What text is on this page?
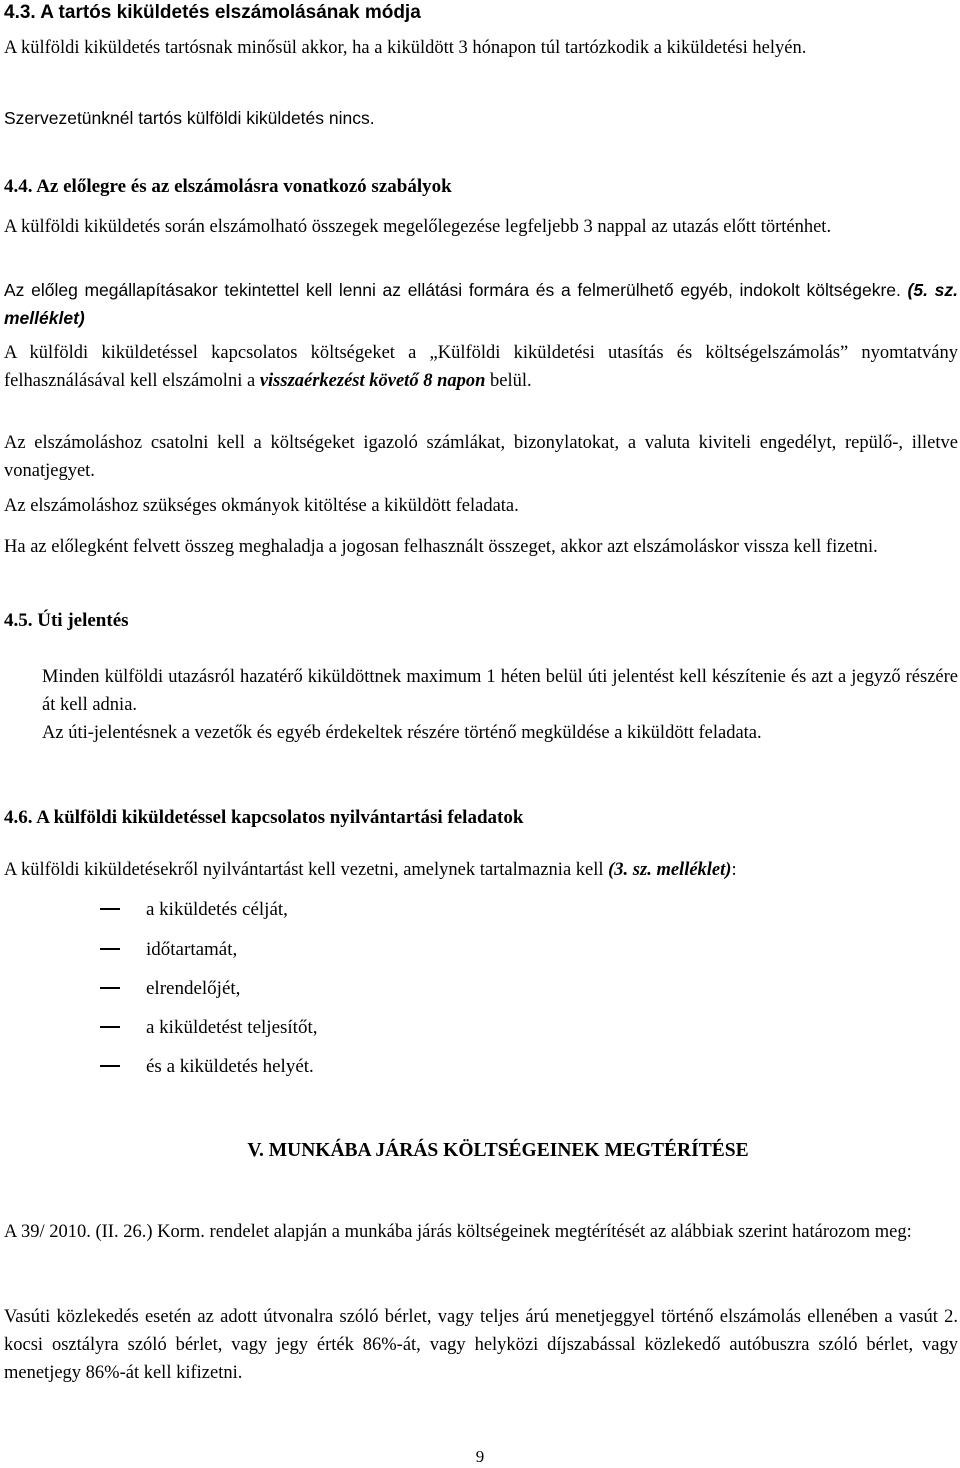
4.3. A tartós kiküldetés elszámolásának módja

A külföldi kiküldetés tartósnak minősül akkor, ha a kiküldött 3 hónapon túl tartózkodik a kiküldetési helyén.

Szervezetünknél tartós külföldi kiküldetés nincs.

4.4. Az előlegre és az elszámolásra vonatkozó szabályok

A külföldi kiküldetés során elszámolható összegek megelőlegezése legfeljebb 3 nappal az utazás előtt történhet.

Az előleg megállapításakor tekintettel kell lenni az ellátási formára és a felmerülhető egyéb, indokolt költségekre. (5. sz. melléklet)

A külföldi kiküldetéssel kapcsolatos költségeket a „Külföldi kiküldetési utasítás és költségelszámolás” nyomtatvány felhasználásával kell elszámolni a visszaérkezést követő 8 napon belül.

Az elszámoláshoz csatolni kell a költségeket igazoló számlákat, bizonylatokat, a valuta kiviteli engedélyt, repülő-, illetve vonatjegyet.

Az elszámoláshoz szükséges okmányok kitöltése a kiküldött feladata.

Ha az előlegként felvett összeg meghaladja a jogosan felhasznált összeget, akkor azt elszámoláskor vissza kell fizetni.

4.5. Úti jelentés

Minden külföldi utazásról hazatérő kiküldöttnek maximum 1 héten belül úti jelentést kell készítenie és azt a jegyző részére át kell adnia.

Az úti-jelentésnek a vezetők és egyéb érdekeltek részére történő megküldése a kiküldött feladata.

4.6. A külföldi kiküldetéssel kapcsolatos nyilvántartási feladatok

A külföldi kiküldetésekről nyilvántartást kell vezetni, amelynek tartalmaznia kell (3. sz. melléklet):

a kiküldetés célját,
időtartamát,
elrendelőjét,
a kiküldetést teljesítőt,
és a kiküldetés helyét.
V. MUNKÁBA JÁRÁS KÖLTSÉGEINEK MEGTÉRÍTÉSE

A 39/ 2010. (II. 26.) Korm. rendelet alapján a munkába járás költségeinek megtérítését az alábbiak szerint határozom meg:

Vasúti közlekedés esetén az adott útvonalra szóló bérlet, vagy teljes árú menetjeggyel történő elszámolás ellenében a vasút 2. kocsi osztályra szóló bérlet, vagy jegy érték 86%-át, vagy helyközi díjszabással közlekedő autóbuszra szóló bérlet, vagy menetjegy 86%-át kell kifizetni.

9
